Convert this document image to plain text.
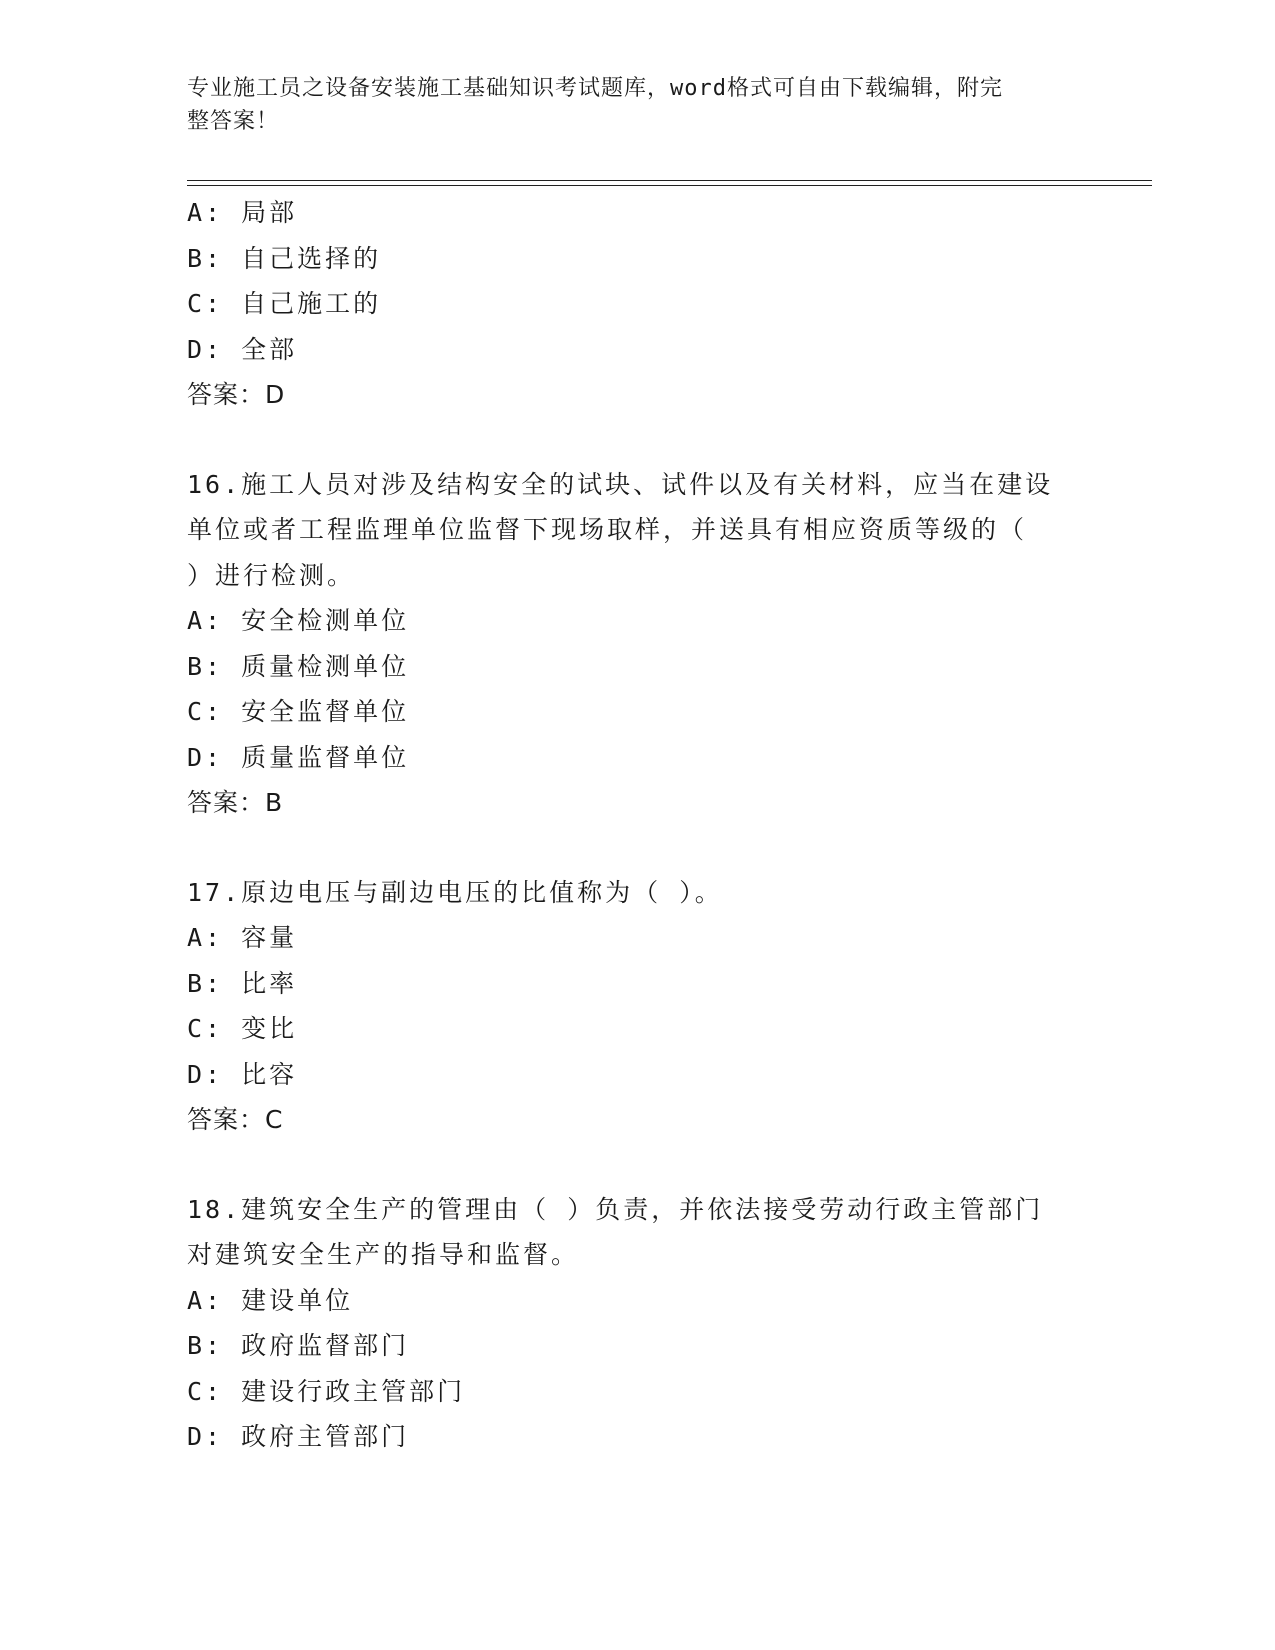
专业施工员之设备安装施工基础知识考试题库，word格式可自由下载编辑，附完
整答案！
A: 局部
B: 自己选择的
C: 自己施工的
D: 全部
答案：D
16.施工人员对涉及结构安全的试块、试件以及有关材料，应当在建设
单位或者工程监理单位监督下现场取样，并送具有相应资质等级的（
）进行检测。
A: 安全检测单位
B: 质量检测单位
C: 安全监督单位
D: 质量监督单位
答案：B
17.原边电压与副边电压的比值称为（ ）。
A: 容量
B: 比率
C: 变比
D: 比容
答案：C
18.建筑安全生产的管理由（ ）负责，并依法接受劳动行政主管部门
对建筑安全生产的指导和监督。
A: 建设单位
B: 政府监督部门
C: 建设行政主管部门
D: 政府主管部门
